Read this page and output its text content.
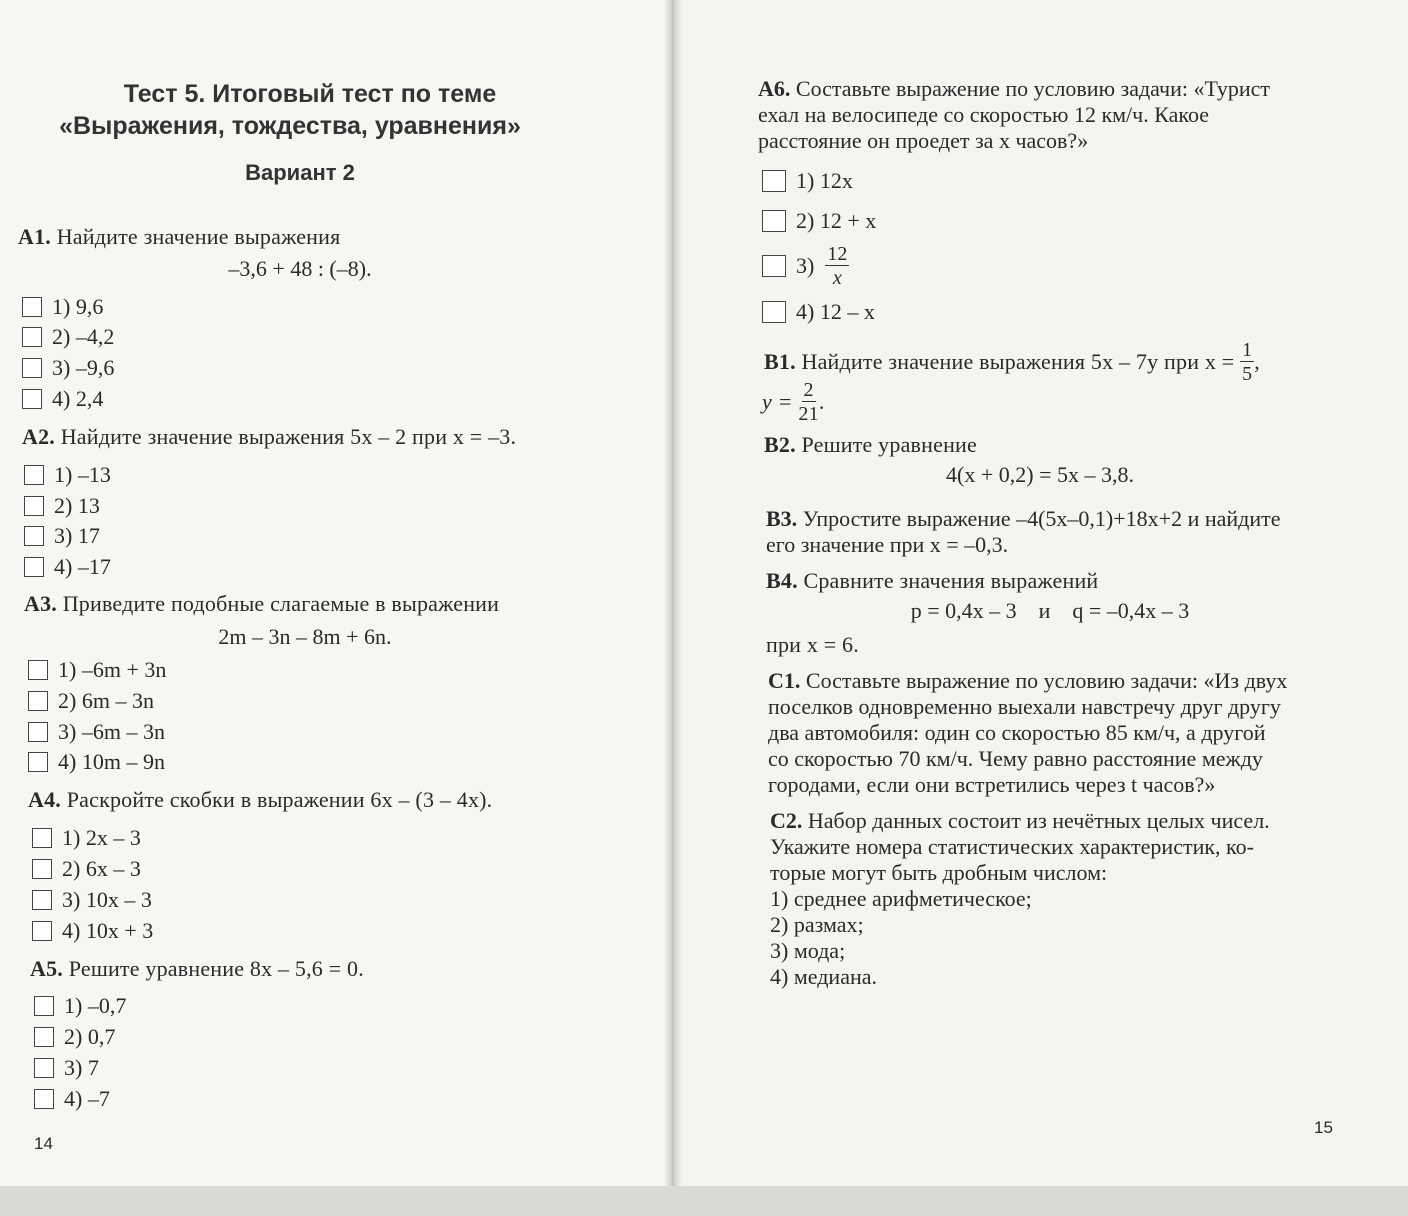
Тест 5. Итоговый тест по теме
«Выражения, тождества, уравнения»
Вариант 2
A1. Найдите значение выражения
–3,6 + 48 : (–8).
1) 9,6
2) –4,2
3) –9,6
4) 2,4
A2. Найдите значение выражения 5x – 2 при x = –3.
1) –13
2) 13
3) 17
4) –17
A3. Приведите подобные слагаемые в выражении
2m – 3n – 8m + 6n.
1) –6m + 3n
2) 6m – 3n
3) –6m – 3n
4) 10m – 9n
A4. Раскройте скобки в выражении 6x – (3 – 4x).
1) 2x – 3
2) 6x – 3
3) 10x – 3
4) 10x + 3
A5. Решите уравнение 8x – 5,6 = 0.
1) –0,7
2) 0,7
3) 7
4) –7
14
A6. Составьте выражение по условию задачи: «Турист
ехал на велосипеде со скоростью 12 км/ч. Какое
расстояние он проедет за x часов?»
1) 12x
2) 12 + x
3)
$\frac{12}{x}$
4) 12 – x
B1.
Найдите значение выражения 5x – 7y при x =
$\frac{1}{5}$ ,
y =
$\frac{2}{21}$ .
B2. Решите уравнение
4(x + 0,2) = 5x – 3,8.
B3. Упростите выражение –4(5x–0,1)+18x+2 и найдите
его значение при x = –0,3.
B4. Сравните значения выражений
p = 0,4x – 3    и    q = –0,4x – 3
при x = 6.
C1. Составьте выражение по условию задачи: «Из двух
поселков одновременно выехали навстречу друг другу
два автомобиля: один со скоростью 85 км/ч, а другой
со скоростью 70 км/ч. Чему равно расстояние между
городами, если они встретились через t часов?»
C2. Набор данных состоит из нечётных целых чисел.
Укажите номера статистических характеристик, ко-
торые могут быть дробным числом:
1) среднее арифметическое;
2) размах;
3) мода;
4) медиана.
15
